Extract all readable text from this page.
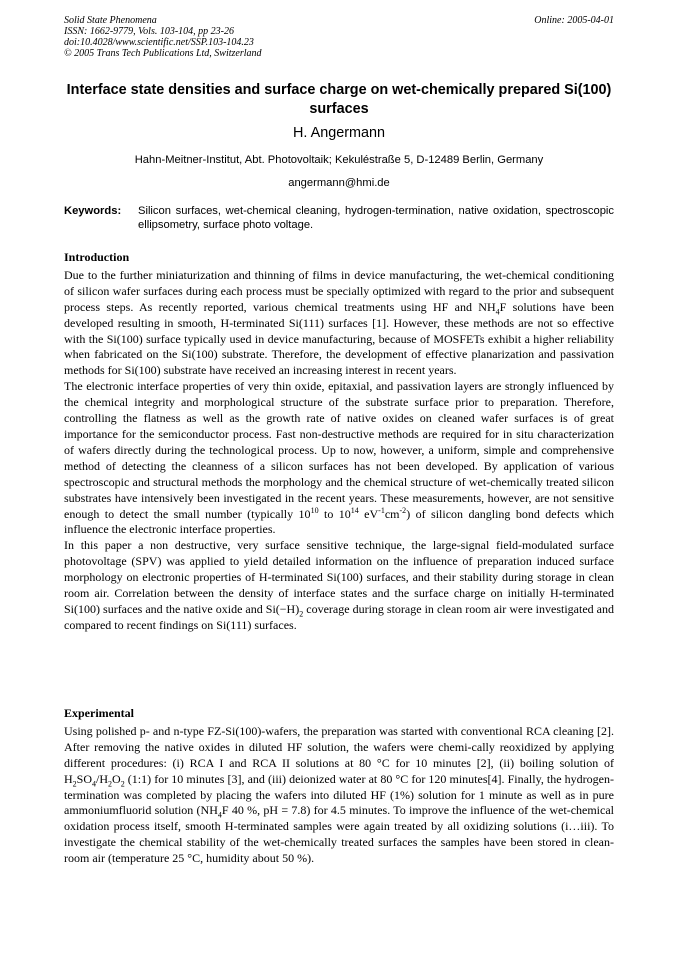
Solid State Phenomena
ISSN: 1662-9779, Vols. 103-104, pp 23-26
doi:10.4028/www.scientific.net/SSP.103-104.23
© 2005 Trans Tech Publications Ltd, Switzerland
Online: 2005-04-01
Interface state densities and surface charge on wet-chemically prepared Si(100) surfaces
H. Angermann
Hahn-Meitner-Institut, Abt. Photovoltaik; Kekuléstraße 5, D-12489 Berlin, Germany
angermann@hmi.de
Keywords: Silicon surfaces, wet-chemical cleaning, hydrogen-termination, native oxidation, spectroscopic ellipsometry, surface photo voltage.

Introduction

Due to the further miniaturization and thinning of films in device manufacturing, the wet-chemical conditioning of silicon wafer surfaces during each process must be specially optimized with regard to the prior and subsequent process steps. As recently reported, various chemical treatments using HF and $NH_4F$ solutions have been developed resulting in smooth, H-terminated Si(111) surfaces [1]. However, these methods are not so effective with the Si(100) surface typically used in device manufacturing, because of MOSFETs exhibit a higher reliability when fabricated on the Si(100) substrate. Therefore, the development of effective planarization and passivation methods for Si(100) substrate have received an increasing interest in recent years.

The electronic interface properties of very thin oxide, epitaxial, and passivation layers are strongly influenced by the chemical integrity and morphological structure of the substrate surface prior to preparation. Therefore, controlling the flatness as well as the growth rate of native oxides on cleaned wafer surfaces is of great importance for the semiconductor process. Fast non-destructive methods are required for in situ characterization of wafers directly during the technological process. Up to now, however, a uniform, simple and comprehensive method of detecting the cleanness of a silicon surfaces has not been developed. By application of various spectroscopic and structural methods the morphology and the chemical structure of wet-chemically treated silicon substrates have intensively been investigated in the recent years. These measurements, however, are not sensitive enough to detect the small number (typically $10^{10}$ to $10^{14}$ $eV^{-1}cm^{-2}$) of silicon dangling bond defects which influence the electronic interface properties.

In this paper a non destructive, very surface sensitive technique, the large-signal field-modulated surface photovoltage (SPV) was applied to yield detailed information on the influence of preparation induced surface morphology on electronic properties of H-terminated Si(100) surfaces, and their stability during storage in clean room air. Correlation between the density of interface states and the surface charge on initially H-terminated Si(100) surfaces and the native oxide and $Si(-H)_2$ coverage during storage in clean room air were investigated and compared to recent findings on Si(111) surfaces.

Experimental

Using polished p- and n-type FZ-Si(100)-wafers, the preparation was started with conventional RCA cleaning [2]. After removing the native oxides in diluted HF solution, the wafers were chemi-cally reoxidized by applying different procedures: (i) RCA I and RCA II solutions at 80 °C for 10 minutes [2], (ii) boiling solution of $H_2SO_4/H_2O_2$ (1:1) for 10 minutes [3], and (iii) deionized water at 80 °C for 120 minutes[4]. Finally, the hydrogen-termination was completed by placing the wafers into diluted HF (1%) solution for 1 minute as well as in pure ammoniumfluorid solution ($NH_4F$ 40 %, pH = 7.8) for 4.5 minutes. To improve the influence of the wet-chemical oxidation process itself, smooth H-terminated samples were again treated by all oxidizing solutions (i…iii). To investigate the chemical stability of the wet-chemically treated surfaces the samples have been stored in clean-room air (temperature 25 °C, humidity about 50 %).
